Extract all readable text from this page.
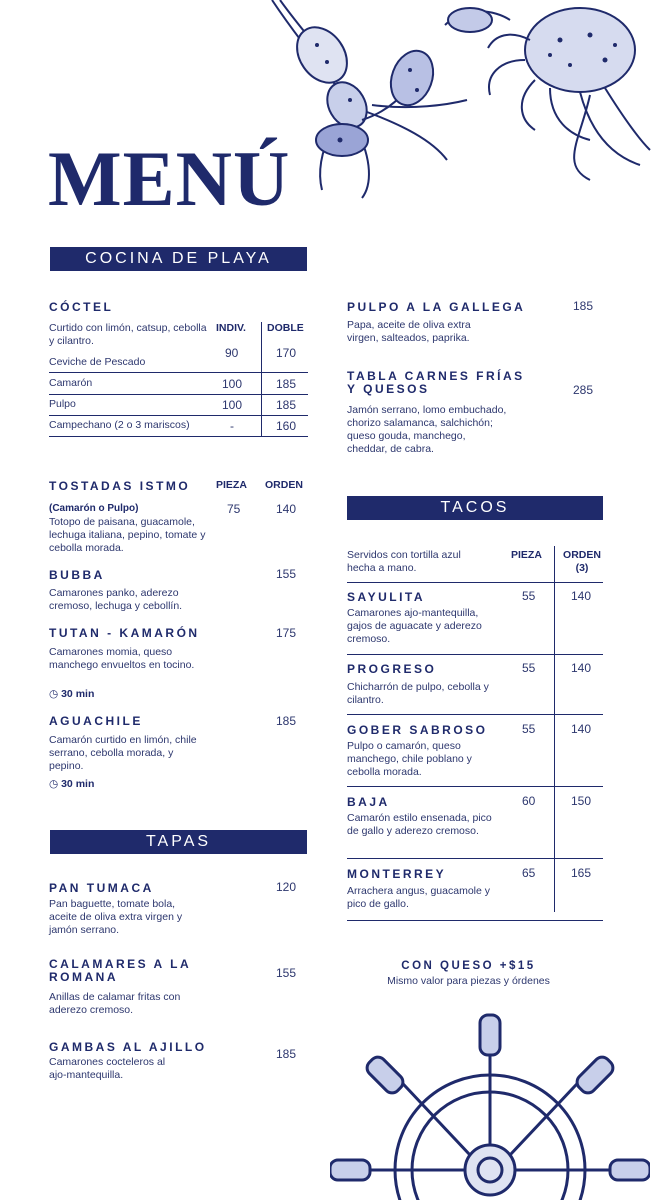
MENÚ
COCINA DE PLAYA
CÓCTEL
Curtido con limón, catsup, cebolla y cilantro.
INDIV. DOBLE
Ceviche de Pescado
90	170
Camarón	100	185
Pulpo	100	185
Campechano (2 o 3 mariscos)	-	160
TOSTADAS ISTMO PIEZA ORDEN
(Camarón o Pulpo)
Totopo de paisana, guacamole, lechuga italiana, pepino, tomate y cebolla morada.
75	140
BUBBA
Camarones panko, aderezo cremoso, lechuga y cebollín.
155
TUTAN - KAMARÓN
Camarones momia, queso manchego envueltos en tocino.
◷ 30 min
175
AGUACHILE
Camarón curtido en limón, chile serrano, cebolla morada, y pepino.
◷ 30 min
185
PULPO A LA GALLEGA
Papa, aceite de oliva extra virgen, salteados, paprika.
185
TABLA CARNES FRÍAS Y QUESOS
Jamón serrano, lomo embuchado, chorizo salamanca, salchichón; queso gouda, manchego, cheddar, de cabra.
285
TACOS
Servidos con tortilla azul hecha a mano.
PIEZA	ORDEN (3)
SAYULITA
Camarones ajo-mantequilla, gajos de aguacate y aderezo cremoso.
55	140
PROGRESO
Chicharrón de pulpo, cebolla y cilantro.
55	140
GOBER SABROSO
Pulpo o camarón, queso manchego, chile poblano y cebolla morada.
55	140
BAJA
Camarón estilo ensenada, pico de gallo y aderezo cremoso.
60	150
MONTERREY
Arrachera angus, guacamole y pico de gallo.
65	165
CON QUESO +$15
Mismo valor para piezas y órdenes
TAPAS
PAN TUMACA
Pan baguette, tomate bola, aceite de oliva extra virgen y jamón serrano.
120
CALAMARES A LA ROMANA
Anillas de calamar fritas con aderezo cremoso.
155
GAMBAS AL AJILLO
Camarones cocteleros al ajo-mantequilla.
185
